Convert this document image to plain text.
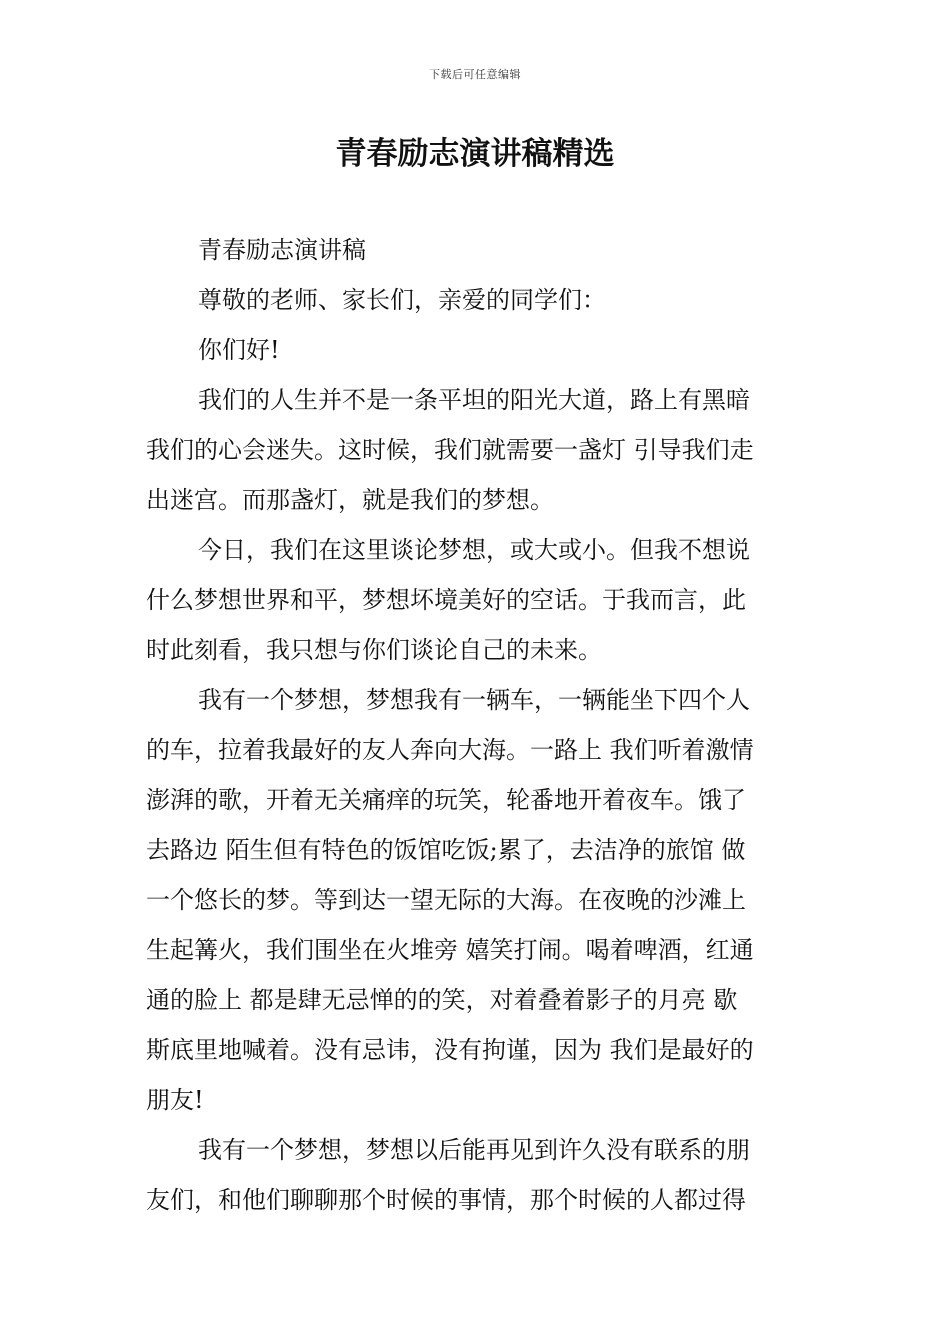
下载后可任意编辑
青春励志演讲稿精选
青春励志演讲稿
尊敬的老师、家长们，亲爱的同学们：
你们好!
我们的人生并不是一条平坦的阳光大道，路上有黑暗
我们的心会迷失。这时候，我们就需要一盏灯 引导我们走
出迷宫。而那盏灯，就是我们的梦想。
今日，我们在这里谈论梦想，或大或小。但我不想说
什么梦想世界和平，梦想坏境美好的空话。于我而言，此
时此刻看，我只想与你们谈论自己的未来。
我有一个梦想，梦想我有一辆车，一辆能坐下四个人
的车，拉着我最好的友人奔向大海。一路上 我们听着激情
澎湃的歌，开着无关痛痒的玩笑，轮番地开着夜车。饿了
去路边 陌生但有特色的饭馆吃饭;累了，去洁净的旅馆 做
一个悠长的梦。等到达一望无际的大海。在夜晚的沙滩上
生起篝火，我们围坐在火堆旁 嬉笑打闹。喝着啤酒，红通
通的脸上 都是肆无忌惮的的笑，对着叠着影子的月亮 歇
斯底里地喊着。没有忌讳，没有拘谨，因为 我们是最好的
朋友!
我有一个梦想，梦想以后能再见到许久没有联系的朋
友们，和他们聊聊那个时候的事情，那个时候的人都过得
